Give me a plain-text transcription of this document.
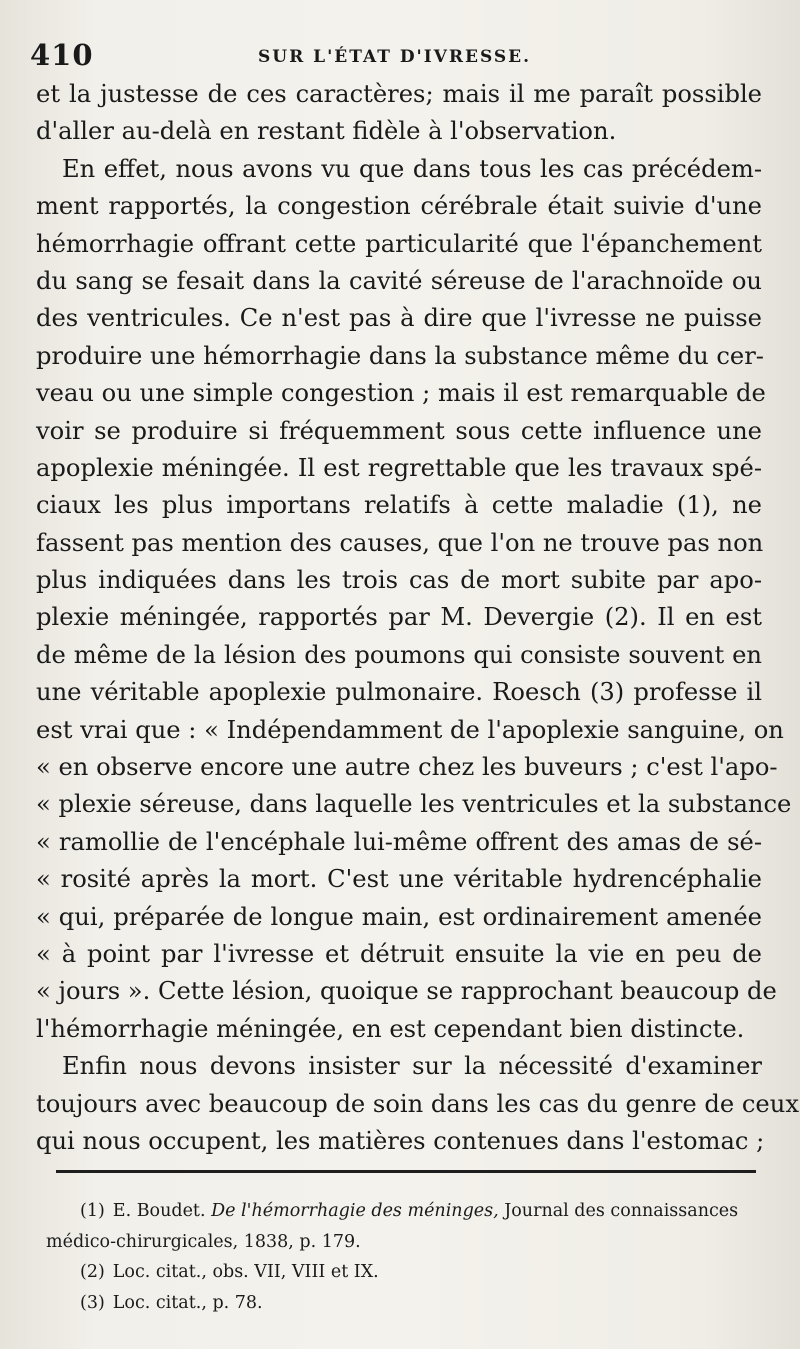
410	SUR L'ÉTAT D'IVRESSE.
et la justesse de ces caractères; mais il me paraît possible
d'aller au-delà en restant fidèle à l'observation.
En effet, nous avons vu que dans tous les cas précédem-
ment rapportés, la congestion cérébrale était suivie d'une
hémorrhagie offrant cette particularité que l'épanchement
du sang se fesait dans la cavité séreuse de l'arachnoïde ou
des ventricules. Ce n'est pas à dire que l'ivresse ne puisse
produire une hémorrhagie dans la substance même du cer-
veau ou une simple congestion ; mais il est remarquable de
voir se produire si fréquemment sous cette influence une
apoplexie méningée. Il est regrettable que les travaux spé-
ciaux les plus importans relatifs à cette maladie (1), ne
fassent pas mention des causes, que l'on ne trouve pas non
plus indiquées dans les trois cas de mort subite par apo-
plexie méningée, rapportés par M. Devergie (2). Il en est
de même de la lésion des poumons qui consiste souvent en
une véritable apoplexie pulmonaire. Roesch (3) professe il
est vrai que : « Indépendamment de l'apoplexie sanguine, on
« en observe encore une autre chez les buveurs ; c'est l'apo-
« plexie séreuse, dans laquelle les ventricules et la substance
« ramollie de l'encéphale lui-même offrent des amas de sé-
« rosité après la mort. C'est une véritable hydrencéphalie
« qui, préparée de longue main, est ordinairement amenée
« à point par l'ivresse et détruit ensuite la vie en peu de
« jours ». Cette lésion, quoique se rapprochant beaucoup de
l'hémorrhagie méningée, en est cependant bien distincte.
Enfin nous devons insister sur la nécessité d'examiner
toujours avec beaucoup de soin dans les cas du genre de ceux
qui nous occupent, les matières contenues dans l'estomac ;
(1) E. Boudet. De l'hémorrhagie des méninges, Journal des connaissances
médico-chirurgicales, 1838, p. 179.
(2) Loc. citat., obs. VII, VIII et IX.
(3) Loc. citat., p. 78.
